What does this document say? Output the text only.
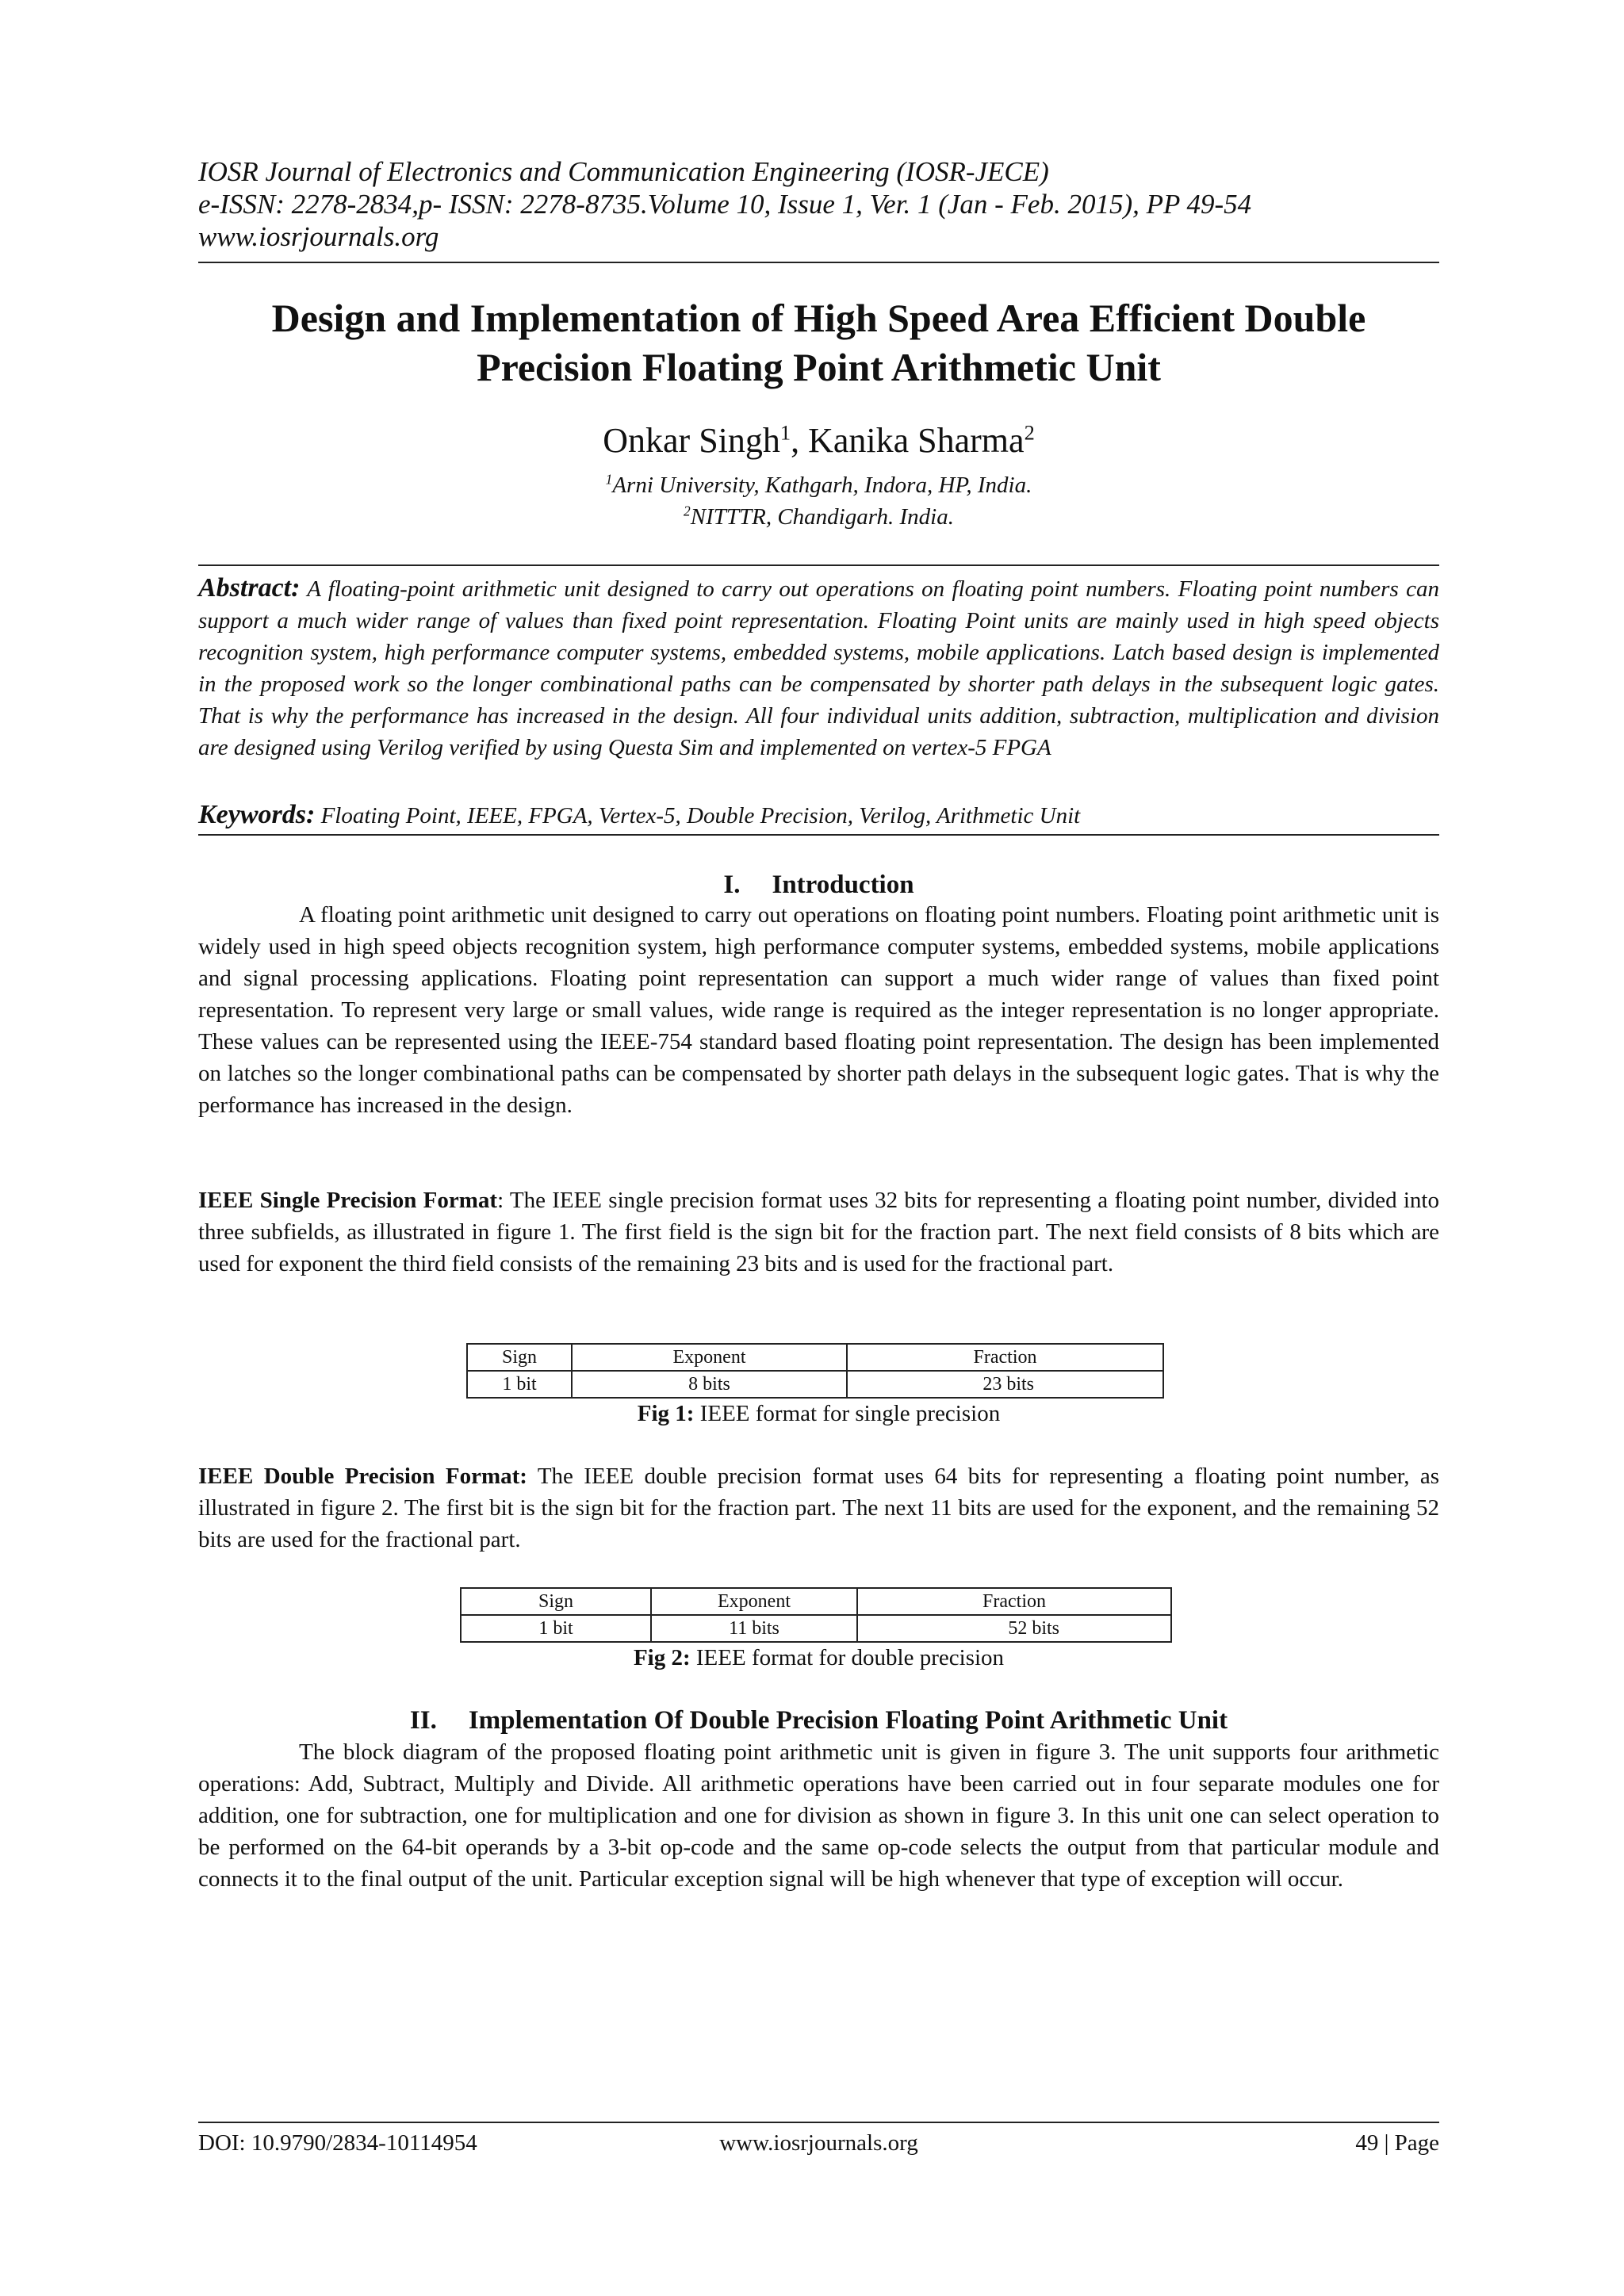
IOSR Journal of Electronics and Communication Engineering (IOSR-JECE)
e-ISSN: 2278-2834,p- ISSN: 2278-8735.Volume 10, Issue 1, Ver. 1 (Jan - Feb. 2015), PP 49-54
www.iosrjournals.org
Design and Implementation of High Speed Area Efficient Double
Precision Floating Point Arithmetic Unit
Onkar Singh$^1$, Kanika Sharma$^2$
$^1$Arni University, Kathgarh, Indora, HP, India.
$^2$NITTTR, Chandigarh. India.
Abstract: A floating-point arithmetic unit designed to carry out operations on floating point numbers. Floating point numbers can support a much wider range of values than fixed point representation. Floating Point units are mainly used in high speed objects recognition system, high performance computer systems, embedded systems, mobile applications. Latch based design is implemented in the proposed work so the longer combinational paths can be compensated by shorter path delays in the subsequent logic gates. That is why the performance has increased in the design. All four individual units addition, subtraction, multiplication and division are designed using Verilog verified by using Questa Sim and implemented on vertex-5 FPGA
Keywords: Floating Point, IEEE, FPGA, Vertex-5, Double Precision, Verilog, Arithmetic Unit
I. Introduction
A floating point arithmetic unit designed to carry out operations on floating point numbers. Floating point arithmetic unit is widely used in high speed objects recognition system, high performance computer systems, embedded systems, mobile applications and signal processing applications. Floating point representation can support a much wider range of values than fixed point representation. To represent very large or small values, wide range is required as the integer representation is no longer appropriate. These values can be represented using the IEEE-754 standard based floating point representation. The design has been implemented on latches so the longer combinational paths can be compensated by shorter path delays in the subsequent logic gates. That is why the performance has increased in the design.
IEEE Single Precision Format: The IEEE single precision format uses 32 bits for representing a floating point number, divided into three subfields, as illustrated in figure 1. The first field is the sign bit for the fraction part. The next field consists of 8 bits which are used for exponent the third field consists of the remaining 23 bits and is used for the fractional part.
Sign	Exponent	Fraction
1 bit	8 bits	23 bits
Fig 1: IEEE format for single precision
IEEE Double Precision Format: The IEEE double precision format uses 64 bits for representing a floating point number, as illustrated in figure 2. The first bit is the sign bit for the fraction part. The next 11 bits are used for the exponent, and the remaining 52 bits are used for the fractional part.
Sign	Exponent	Fraction
1 bit	11 bits	52 bits
Fig 2: IEEE format for double precision
II. Implementation Of Double Precision Floating Point Arithmetic Unit
The block diagram of the proposed floating point arithmetic unit is given in figure 3. The unit supports four arithmetic operations: Add, Subtract, Multiply and Divide. All arithmetic operations have been carried out in four separate modules one for addition, one for subtraction, one for multiplication and one for division as shown in figure 3. In this unit one can select operation to be performed on the 64-bit operands by a 3-bit op-code and the same op-code selects the output from that particular module and connects it to the final output of the unit. Particular exception signal will be high whenever that type of exception will occur.
DOI: 10.9790/2834-10114954	www.iosrjournals.org	49 | Page
